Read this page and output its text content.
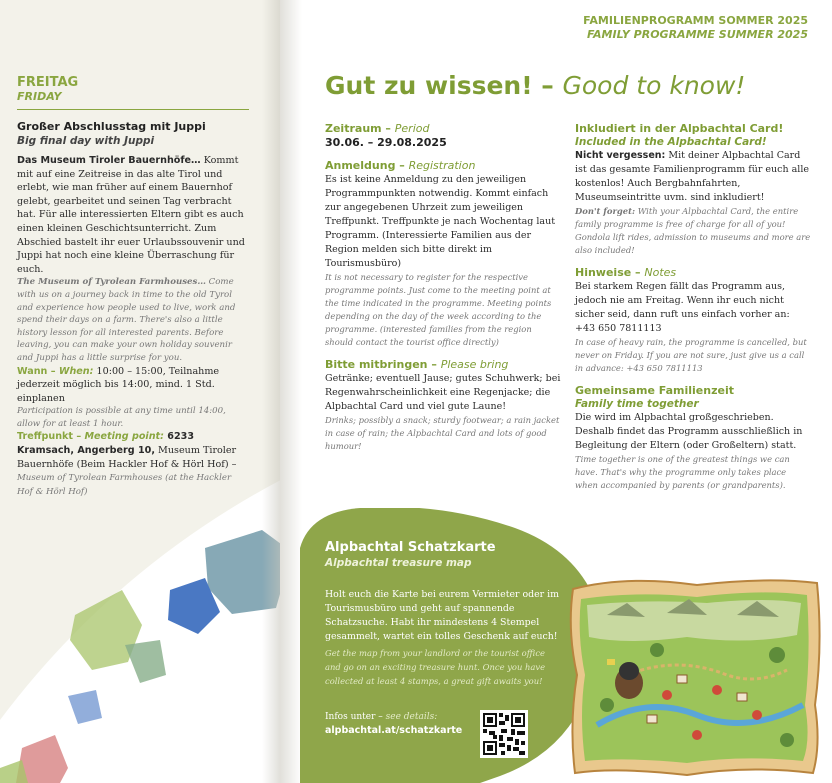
FREITAG
FRIDAY
Großer Abschlusstag mit Juppi
Big final day with Juppi
Das Museum Tiroler Bauernhöfe… Kommt mit auf eine Zeitreise in das alte Tirol und erlebt, wie man früher auf einem Bauernhof gelebt, gearbeitet und seinen Tag verbracht hat. Für alle interessierten Eltern gibt es auch einen kleinen Geschichtsunterricht. Zum Abschied bastelt ihr euer Urlaubssouvenir und Juppi hat noch eine kleine Überraschung für euch.
The Museum of Tyrolean Farmhouses… Come with us on a journey back in time to the old Tyrol and experience how people used to live, work and spend their days on a farm. There's also a little history lesson for all interested parents. Before leaving, you can make your own holiday souvenir and Juppi has a little surprise for you.
Wann – When: 10:00 – 15:00, Teilnahme jederzeit möglich bis 14:00, mind. 1 Std. einplanen
Participation is possible at any time until 14:00, allow for at least 1 hour.
Treffpunkt – Meeting point: 6233 Kramsach, Angerberg 10, Museum Tiroler Bauernhöfe (Beim Hackler Hof & Hörl Hof) – Museum of Tyrolean Farmhouses (at the Hackler Hof & Hörl Hof)
FAMILIENPROGRAMM SOMMER 2025
FAMILY PROGRAMME SUMMER 2025
Gut zu wissen! – Good to know!
Zeitraum – Period
30.06. – 29.08.2025
Anmeldung – Registration
Es ist keine Anmeldung zu den jeweiligen Programmpunkten notwendig. Kommt einfach zur angegebenen Uhrzeit zum jeweiligen Treffpunkt. Treffpunkte je nach Wochentag laut Programm. (Interessierte Familien aus der Region melden sich bitte direkt im Tourismusbüro)
It is not necessary to register for the respective programme points. Just come to the meeting point at the time indicated in the programme. Meeting points depending on the day of the week according to the programme. (interested families from the region should contact the tourist office directly)
Bitte mitbringen – Please bring
Getränke; eventuell Jause; gutes Schuhwerk; bei Regenwahrscheinlichkeit eine Regenjacke; die Alpbachtal Card und viel gute Laune!
Drinks; possibly a snack; sturdy footwear; a rain jacket in case of rain; the Alpbachtal Card and lots of good humour!
Inkludiert in der Alpbachtal Card!
Included in the Alpbachtal Card!
Nicht vergessen: Mit deiner Alpbachtal Card ist das gesamte Familienprogramm für euch alle kostenlos! Auch Bergbahnfahrten, Museumseintritte uvm. sind inkludiert!
Don't forget: With your Alpbachtal Card, the entire family programme is free of charge for all of you! Gondola lift rides, admission to museums and more are also included!
Hinweise – Notes
Bei starkem Regen fällt das Programm aus, jedoch nie am Freitag. Wenn ihr euch nicht sicher seid, dann ruft uns einfach vorher an: +43 650 7811113
In case of heavy rain, the programme is cancelled, but never on Friday. If you are not sure, just give us a call in advance: +43 650 7811113
Gemeinsame Familienzeit
Family time together
Die wird im Alpbachtal großgeschrieben. Deshalb findet das Programm ausschließlich in Begleitung der Eltern (oder Großeltern) statt.
Time together is one of the greatest things we can have. That's why the programme only takes place when accompanied by parents (or grandparents).
Alpbachtal Schatzkarte
Alpbachtal treasure map
Holt euch die Karte bei eurem Vermieter oder im Tourismusbüro und geht auf spannende Schatzsuche. Habt ihr mindestens 4 Stempel gesammelt, wartet ein tolles Geschenk auf euch!
Get the map from your landlord or the tourist office and go on an exciting treasure hunt. Once you have collected at least 4 stamps, a great gift awaits you!
Infos unter – see details:
alpbachtal.at/schatzkarte
